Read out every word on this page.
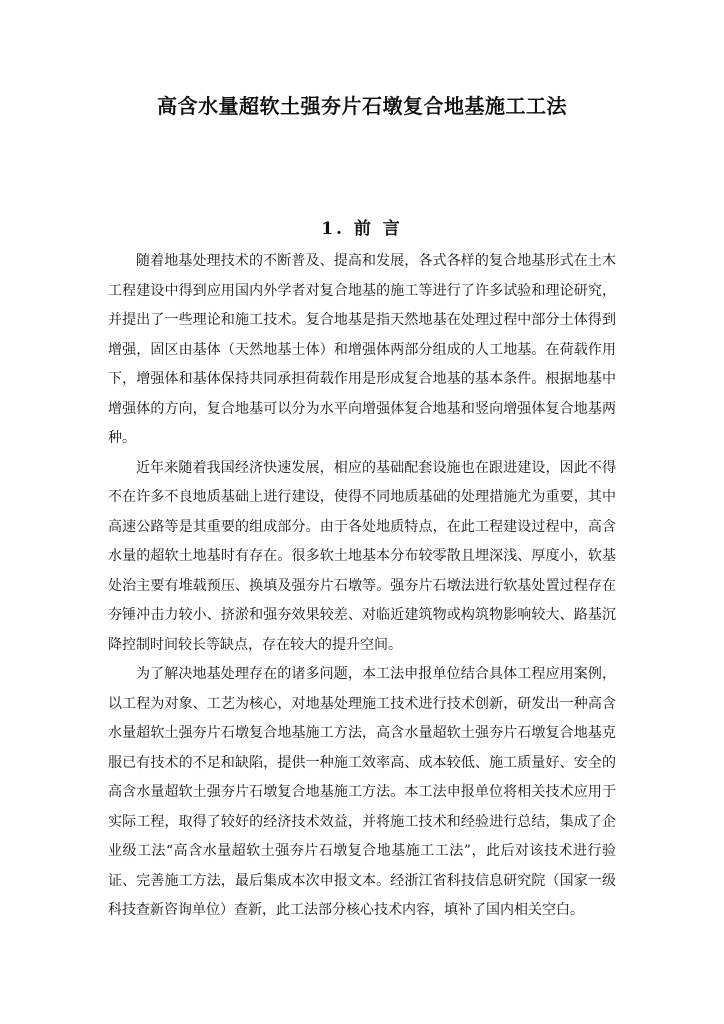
高含水量超软土强夯片石墩复合地基施工工法
1. 前 言

随着地基处理技术的不断普及、提高和发展，各式各样的复合地基形式在土木工程建设中得到应用国内外学者对复合地基的施工等进行了许多试验和理论研究，并提出了一些理论和施工技术。复合地基是指天然地基在处理过程中部分土体得到增强，固区由基体（天然地基土体）和增强体两部分组成的人工地基。在荷载作用下，增强体和基体保持共同承担荷载作用是形成复合地基的基本条件。根据地基中增强体的方向，复合地基可以分为水平向增强体复合地基和竖向增强体复合地基两种。

近年来随着我国经济快速发展，相应的基础配套设施也在跟进建设，因此不得不在许多不良地质基础上进行建设，使得不同地质基础的处理措施尤为重要，其中高速公路等是其重要的组成部分。由于各处地质特点，在此工程建设过程中，高含水量的超软土地基时有存在。很多软土地基本分布较零散且埋深浅、厚度小，软基处治主要有堆载预压、换填及强夯片石墩等。强夯片石墩法进行软基处置过程存在夯锤冲击力较小、挤淤和强夯效果较差、对临近建筑物或构筑物影响较大、路基沉降控制时间较长等缺点，存在较大的提升空间。

为了解决地基处理存在的诸多问题，本工法申报单位结合具体工程应用案例，以工程为对象、工艺为核心，对地基处理施工技术进行技术创新，研发出一种高含水量超软土强夯片石墩复合地基施工方法，高含水量超软土强夯片石墩复合地基克服已有技术的不足和缺陷，提供一种施工效率高、成本较低、施工质量好、安全的高含水量超软土强夯片石墩复合地基施工方法。本工法申报单位将相关技术应用于实际工程，取得了较好的经济技术效益，并将施工技术和经验进行总结，集成了企业级工法“高含水量超软土强夯片石墩复合地基施工工法”，此后对该技术进行验证、完善施工方法，最后集成本次申报文本。经浙江省科技信息研究院（国家一级科技查新咨询单位）查新，此工法部分核心技术内容，填补了国内相关空白。
